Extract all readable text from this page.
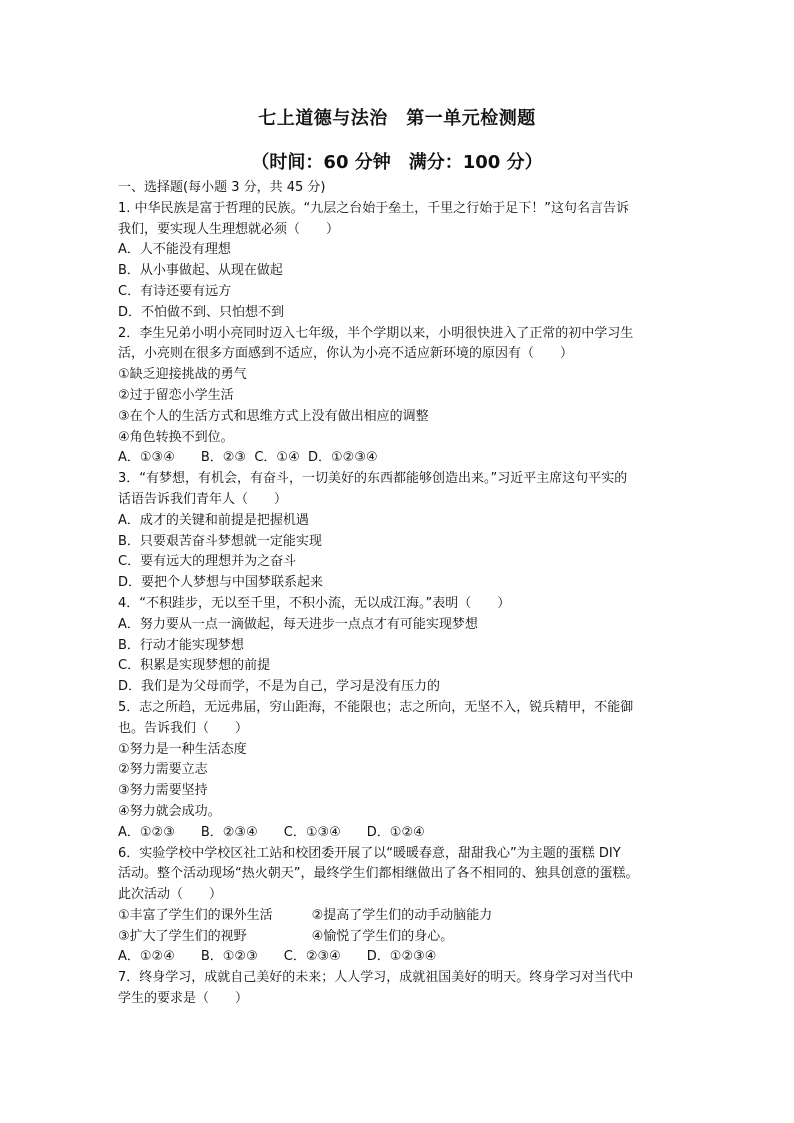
七上道德与法治　第一单元检测题
（时间：60 分钟　满分：100 分）
一、选择题(每小题 3 分，共 45 分)
1. 中华民族是富于哲理的民族。“九层之台始于垒土，千里之行始于足下！”这句名言告诉
我们，要实现人生理想就必须（　　）
A．人不能没有理想
B．从小事做起、从现在做起
C．有诗还要有远方
D．不怕做不到、只怕想不到
2．李生兄弟小明小亮同时迈入七年级，半个学期以来，小明很快进入了正常的初中学习生
活，小亮则在很多方面感到不适应，你认为小亮不适应新环境的原因有（　　）
①缺乏迎接挑战的勇气
②过于留恋小学生活
③在个人的生活方式和思维方式上没有做出相应的调整
④角色转换不到位。
A．①③④　　B．②③  C．①④  D．①②③④
3．“有梦想，有机会，有奋斗，一切美好的东西都能够创造出来。”习近平主席这句平实的
话语告诉我们青年人（　　）
A．成才的关键和前提是把握机遇
B．只要艰苦奋斗梦想就一定能实现
C．要有远大的理想并为之奋斗
D．要把个人梦想与中国梦联系起来
4．“不积跬步，无以至千里，不积小流，无以成江海。”表明（　　）
A．努力要从一点一滴做起，每天进步一点点才有可能实现梦想
B．行动才能实现梦想
C．积累是实现梦想的前提
D．我们是为父母而学，不是为自己，学习是没有压力的
5．志之所趋，无远弗届，穷山距海，不能限也；志之所向，无坚不入，锐兵精甲，不能御
也。告诉我们（　　）
①努力是一种生活态度
②努力需要立志
③努力需要坚持
④努力就会成功。
A．①②③　　B．②③④　　C．①③④　　D．①②④
6．实验学校中学校区社工站和校团委开展了以“暖暖春意，甜甜我心”为主题的蛋糕 DIY
活动。整个活动现场“热火朝天”，最终学生们都相继做出了各不相同的、独具创意的蛋糕。
此次活动（　　）
①丰富了学生们的课外生活　　　②提高了学生们的动手动脑能力
③扩大了学生们的视野　　　　　④愉悦了学生们的身心。
A．①②④　　B．①②③　　C．②③④　　D．①②③④
7．终身学习，成就自己美好的未来；人人学习，成就祖国美好的明天。终身学习对当代中
学生的要求是（　　）
